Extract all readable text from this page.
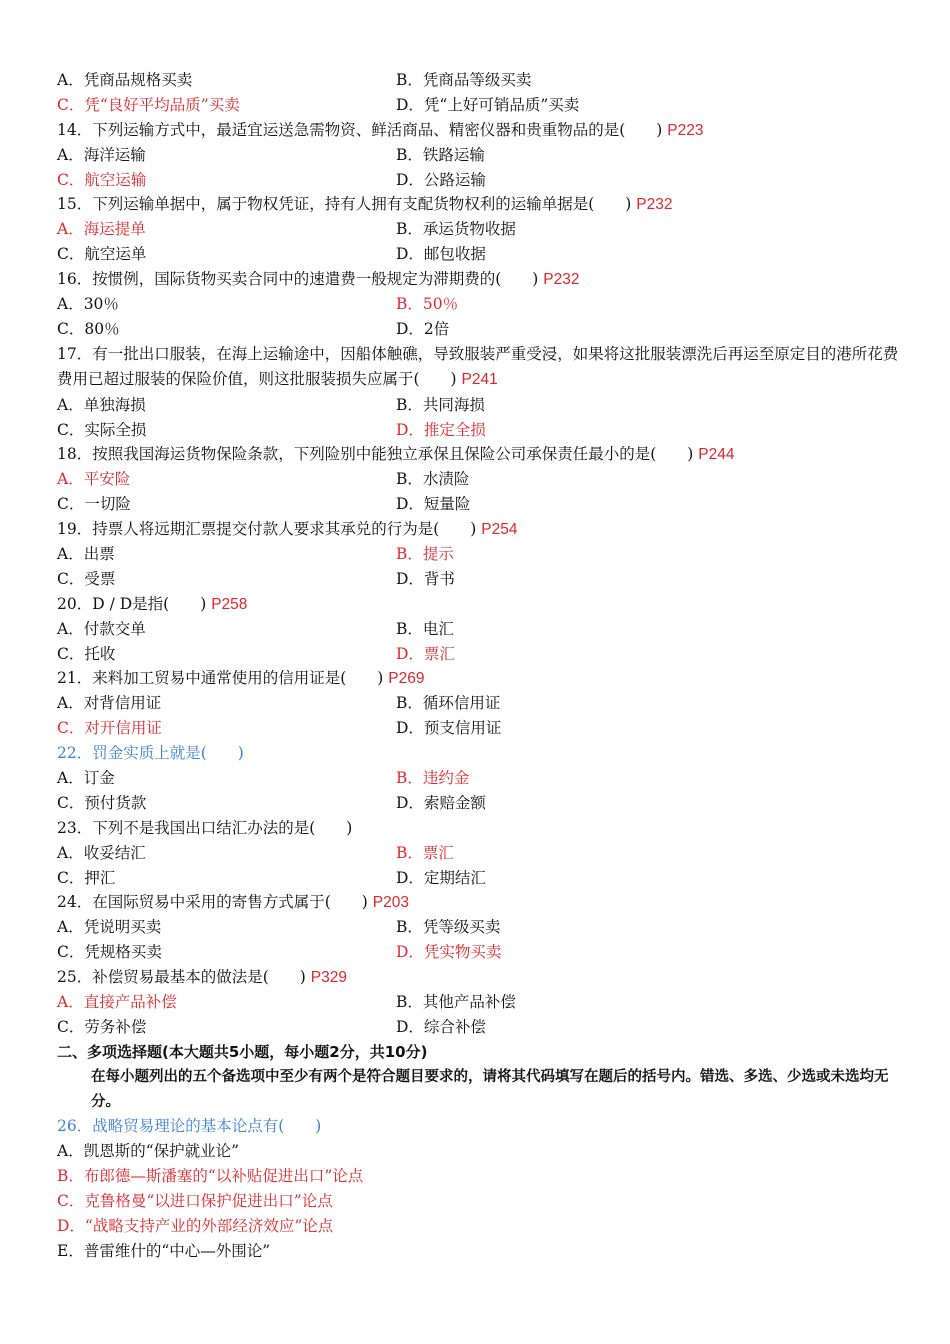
A．凭商品规格买卖	B．凭商品等级买卖
C．凭“良好平均品质”买卖	D．凭“上好可销品质”买卖
14．下列运输方式中，最适宜运送急需物资、鲜活商品、精密仪器和贵重物品的是(　　) P223
A．海洋运输	B．铁路运输
C．航空运输	D．公路运输
15．下列运输单据中，属于物权凭证，持有人拥有支配货物权利的运输单据是(　　) P232
A．海运提单	B．承运货物收据
C．航空运单	D．邮包收据
16．按惯例，国际货物买卖合同中的速遣费一般规定为滞期费的(　　) P232
A．30％	B．50％
C．80％	D．2倍
17．有一批出口服装，在海上运输途中，因船体触礁，导致服装严重受浸，如果将这批服装漂洗后再运至原定目的港所花费费用已超过服装的保险价值，则这批服装损失应属于(　　) P241
A．单独海损	B．共同海损
C．实际全损	D．推定全损
18．按照我国海运货物保险条款，下列险别中能独立承保且保险公司承保责任最小的是(　　) P244
A．平安险	B．水渍险
C．一切险	D．短量险
19．持票人将远期汇票提交付款人要求其承兑的行为是(　　) P254
A．出票	B．提示
C．受票	D．背书
20．D / D是指(　　) P258
A．付款交单	B．电汇
C．托收	D．票汇
21．来料加工贸易中通常使用的信用证是(　　) P269
A．对背信用证	B．循环信用证
C．对开信用证	D．预支信用证
22．罚金实质上就是(　　)
A．订金	B．违约金
C．预付货款	D．索赔金额
23．下列不是我国出口结汇办法的是(　　)
A．收妥结汇	B．票汇
C．押汇	D．定期结汇
24．在国际贸易中采用的寄售方式属于(　　) P203
A．凭说明买卖	B．凭等级买卖
C．凭规格买卖	D．凭实物买卖
25．补偿贸易最基本的做法是(　　) P329
A．直接产品补偿	B．其他产品补偿
C．劳务补偿	D．综合补偿
二、多项选择题(本大题共5小题，每小题2分，共10分)
在每小题列出的五个备选项中至少有两个是符合题目要求的，请将其代码填写在题后的括号内。错选、多选、少选或未选均无分。
26．战略贸易理论的基本论点有(　　)
A．凯恩斯的“保护就业论”
B．布郎德—斯潘塞的“以补贴促进出口”论点
C．克鲁格曼“以进口保护促进出口”论点
D．“战略支持产业的外部经济效应”论点
E．普雷维什的“中心—外围论”
